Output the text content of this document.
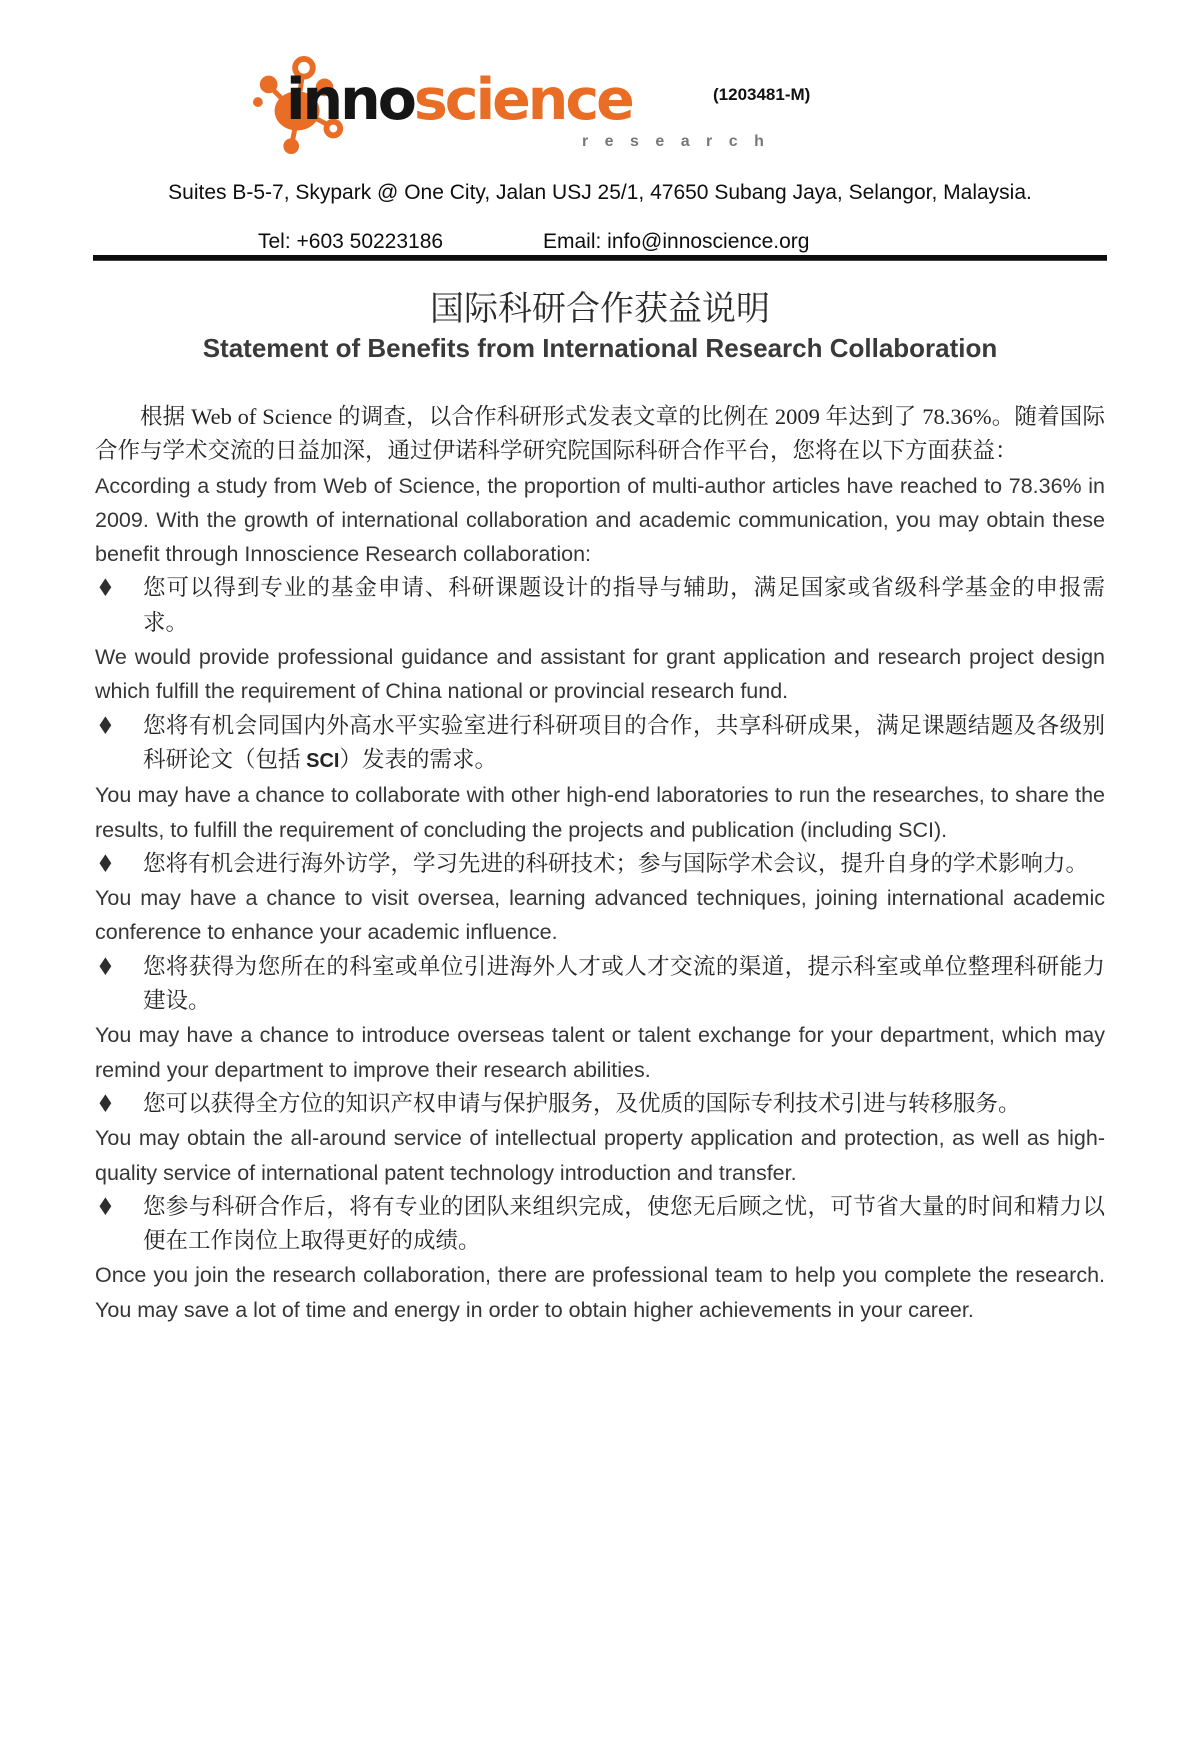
innoscience
r e s e a r c h
(1203481-M)
Suites B-5-7, Skypark @ One City, Jalan USJ 25/1, 47650 Subang Jaya, Selangor, Malaysia.
Tel: +603 50223186	Email: info@innoscience.org
国际科研合作获益说明
Statement of Benefits from International Research Collaboration

根据 Web of Science 的调查，以合作科研形式发表文章的比例在 2009 年达到了 78.36%。随着国际合作与学术交流的日益加深，通过伊诺科学研究院国际科研合作平台，您将在以下方面获益：

According a study from Web of Science, the proportion of multi-author articles have reached to 78.36% in 2009. With the growth of international collaboration and academic communication, you may obtain these benefit through Innoscience Research collaboration:

♦ 您可以得到专业的基金申请、科研课题设计的指导与辅助，满足国家或省级科学基金的申报需求。

We would provide professional guidance and assistant for grant application and research project design which fulfill the requirement of China national or provincial research fund.

♦ 您将有机会同国内外高水平实验室进行科研项目的合作，共享科研成果，满足课题结题及各级别科研论文（包括 SCI）发表的需求。

You may have a chance to collaborate with other high-end laboratories to run the researches, to share the results, to fulfill the requirement of concluding the projects and publication (including SCI).

♦ 您将有机会进行海外访学，学习先进的科研技术；参与国际学术会议，提升自身的学术影响力。

You may have a chance to visit oversea, learning advanced techniques, joining international academic conference to enhance your academic influence.

♦ 您将获得为您所在的科室或单位引进海外人才或人才交流的渠道，提示科室或单位整理科研能力建设。

You may have a chance to introduce overseas talent or talent exchange for your department, which may remind your department to improve their research abilities.

♦ 您可以获得全方位的知识产权申请与保护服务，及优质的国际专利技术引进与转移服务。

You may obtain the all-around service of intellectual property application and protection, as well as high-quality service of international patent technology introduction and transfer.

♦ 您参与科研合作后，将有专业的团队来组织完成，使您无后顾之忧，可节省大量的时间和精力以便在工作岗位上取得更好的成绩。

Once you join the research collaboration, there are professional team to help you complete the research. You may save a lot of time and energy in order to obtain higher achievements in your career.
